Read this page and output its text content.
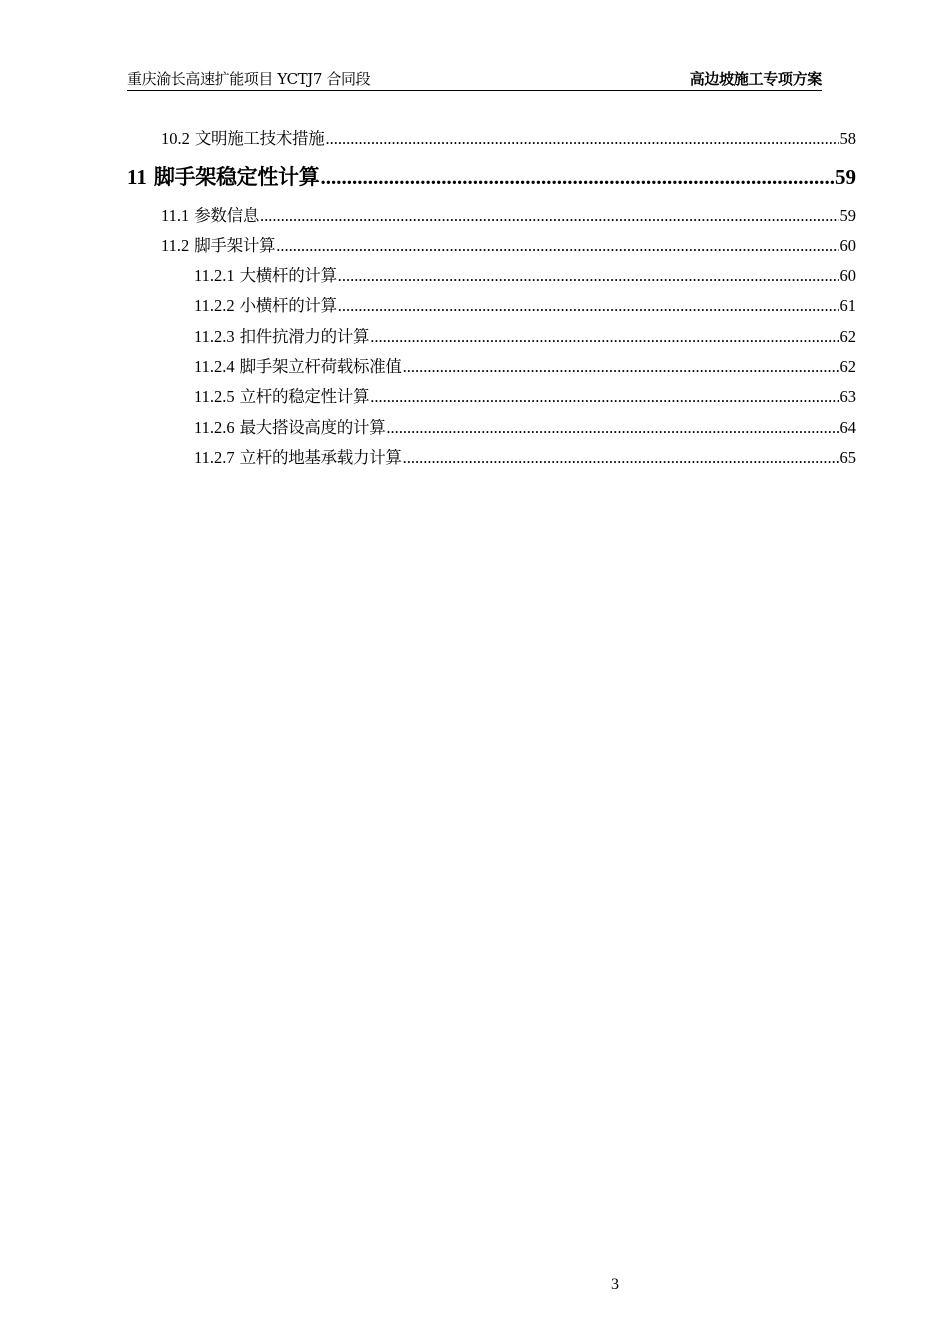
重庆渝长高速扩能项目 YCTJ7 合同段	高边坡施工专项方案
10.2 文明施工技术措施 .....	58
11 脚手架稳定性计算 .....	59
11.1 参数信息 .....	59
11.2 脚手架计算 .....	60
11.2.1 大横杆的计算 .....	60
11.2.2 小横杆的计算 .....	61
11.2.3 扣件抗滑力的计算 .....	62
11.2.4 脚手架立杆荷载标准值 .....	62
11.2.5 立杆的稳定性计算 .....	63
11.2.6 最大搭设高度的计算 .....	64
11.2.7 立杆的地基承载力计算 .....	65
3
